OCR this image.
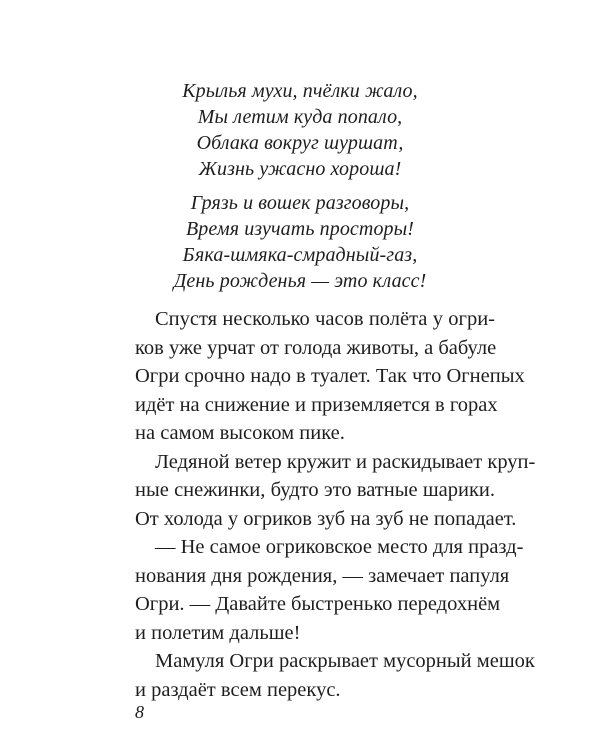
Крылья мухи, пчёлки жало,
Мы летим куда попало,
Облака вокруг шуршат,
Жизнь ужасно хороша!
Грязь и вошек разговоры,
Время изучать просторы!
Бяка-шмяка-смрадный-газ,
День рожденья — это класс!
Спустя несколько часов полёта у огри-
ков уже урчат от голода животы, а бабуле
Огри срочно надо в туалет. Так что Огнепых
идёт на снижение и приземляется в горах
на самом высоком пике.
Ледяной ветер кружит и раскидывает круп-
ные снежинки, будто это ватные шарики.
От холода у огриков зуб на зуб не попадает.
— Не самое огриковское место для празд-
нования дня рождения, — замечает папуля
Огри. — Давайте быстренько передохнём
и полетим дальше!
Мамуля Огри раскрывает мусорный мешок
и раздаёт всем перекус.
8
